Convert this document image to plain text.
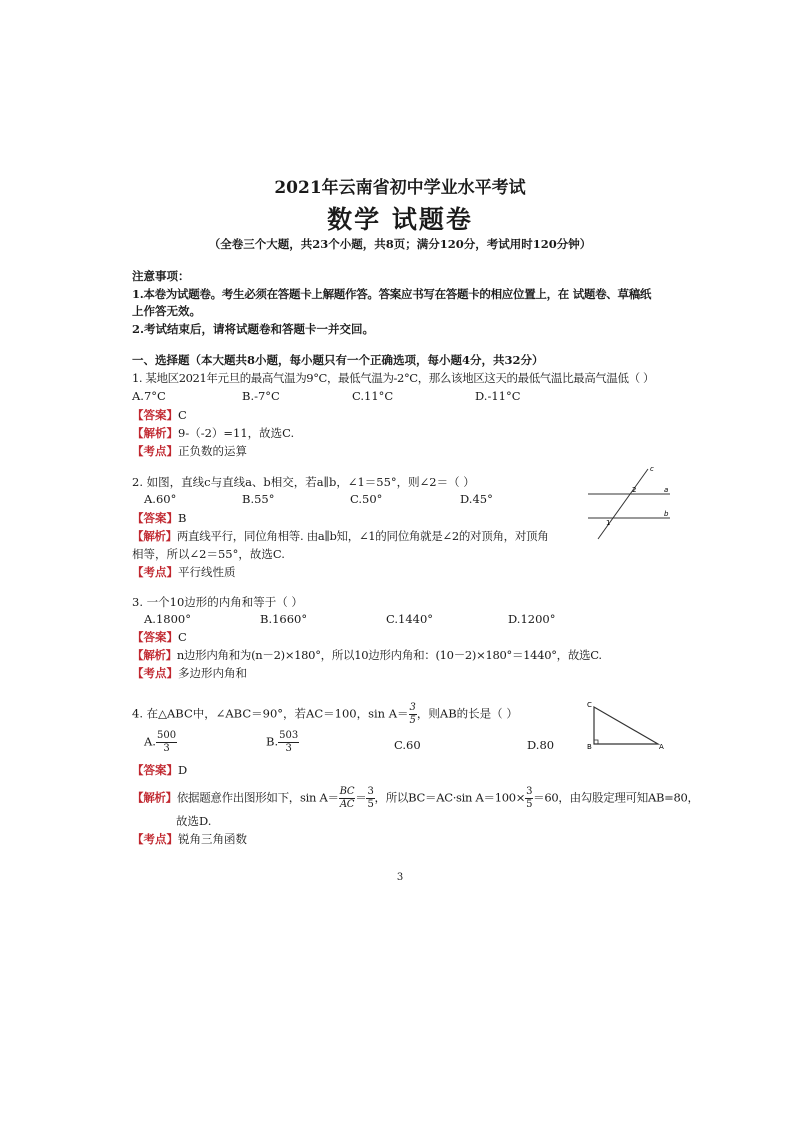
2021年云南省初中学业水平考试
数学 试题卷
（全卷三个大题，共23个小题，共8页；满分120分，考试用时120分钟）
注意事项：
1.本卷为试题卷。考生必须在答题卡上解题作答。答案应书写在答题卡的相应位置上，在 试题卷、草稿纸
上作答无效。
2.考试结束后，请将试题卷和答题卡一并交回。
一、选择题（本大题共8小题，每小题只有一个正确选项，每小题4分，共32分）
1. 某地区2021年元旦的最高气温为9°C，最低气温为-2°C，那么该地区这天的最低气温比最高气温低（ ）
A.7°C	B.-7°C	C.11°C	D.-11°C
【答案】C
【解析】9-（-2）=11，故选C.
【考点】正负数的运算
2. 如图，直线c与直线a、b相交，若a∥b，∠1＝55°，则∠2＝（ ）
A.60°	B.55°	C.50°	D.45°
【答案】B
【解析】两直线平行，同位角相等. 由a∥b知，∠1的同位角就是∠2的对顶角，对顶角
相等，所以∠2＝55°，故选C.
【考点】平行线性质
c
a
b
2
1
3. 一个10边形的内角和等于（ ）
A.1800°	B.1660°	C.1440°	D.1200°
【答案】C
【解析】n边形内角和为(n－2)×180°，所以10边形内角和：(10－2)×180°＝1440°，故选C.
【考点】多边形内角和
4. 在△ABC中，∠ABC＝90°，若AC＝100，$\sin A= \frac{3}{5}$ ，则AB的长是（ ）
A. $\frac{500}{3}$	B. $\frac{503}{3}$	C.60	D.80
【答案】D
【解析】依据题意作出图形如下，$\sin A= \frac{BC}{AC} = \frac{3}{5}$ ，所以BC＝AC·sin $A=100\times \frac{3}{5} =60$，由勾股定理可知AB=80，
故选D.
【考点】锐角三角函数
C
B	A
3
